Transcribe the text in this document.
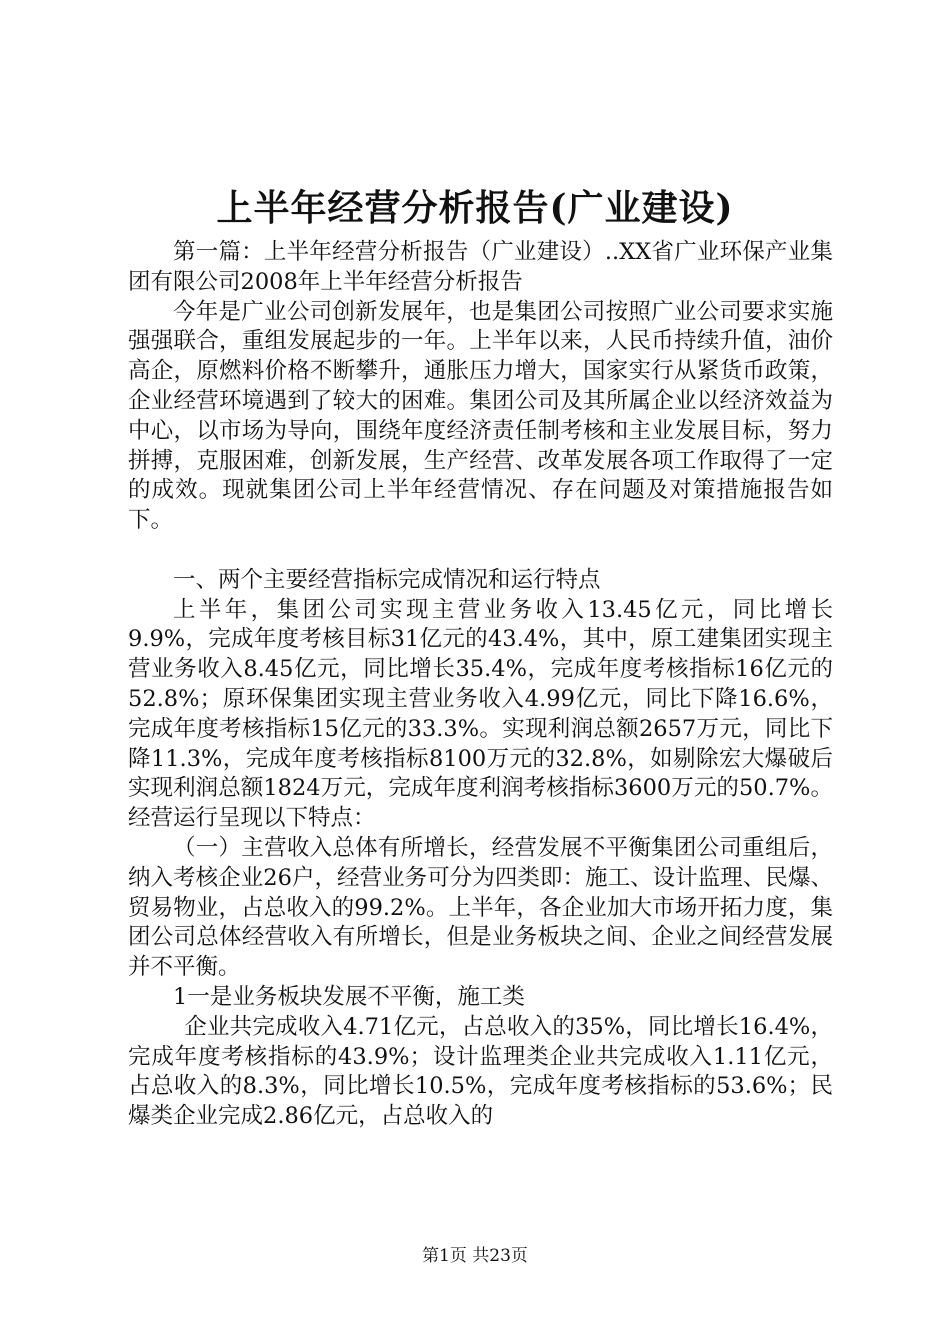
上半年经营分析报告(广业建设)

第一篇：上半年经营分析报告（广业建设）..XX省广业环保产业集团有限公司2008年上半年经营分析报告

今年是广业公司创新发展年，也是集团公司按照广业公司要求实施强强联合，重组发展起步的一年。上半年以来，人民币持续升值，油价高企，原燃料价格不断攀升，通胀压力增大，国家实行从紧货币政策，企业经营环境遇到了较大的困难。集团公司及其所属企业以经济效益为中心，以市场为导向，围绕年度经济责任制考核和主业发展目标，努力拼搏，克服困难，创新发展，生产经营、改革发展各项工作取得了一定的成效。现就集团公司上半年经营情况、存在问题及对策措施报告如下。

一、两个主要经营指标完成情况和运行特点

上半年，集团公司实现主营业务收入13.45亿元，同比增长9.9%，完成年度考核目标31亿元的43.4%，其中，原工建集团实现主营业务收入8.45亿元，同比增长35.4%，完成年度考核指标16亿元的52.8%；原环保集团实现主营业务收入4.99亿元，同比下降16.6%，完成年度考核指标15亿元的33.3%。实现利润总额2657万元，同比下降11.3%，完成年度考核指标8100万元的32.8%，如剔除宏大爆破后实现利润总额1824万元，完成年度利润考核指标3600万元的50.7%。经营运行呈现以下特点：

（一）主营收入总体有所增长，经营发展不平衡集团公司重组后，纳入考核企业26户，经营业务可分为四类即：施工、设计监理、民爆、贸易物业，占总收入的99.2%。上半年，各企业加大市场开拓力度，集团公司总体经营收入有所增长，但是业务板块之间、企业之间经营发展并不平衡。

1一是业务板块发展不平衡，施工类

企业共完成收入4.71亿元，占总收入的35%，同比增长16.4%，完成年度考核指标的43.9%；设计监理类企业共完成收入1.11亿元，占总收入的8.3%，同比增长10.5%，完成年度考核指标的53.6%；民爆类企业完成2.86亿元，占总收入的

第1页 共23页
